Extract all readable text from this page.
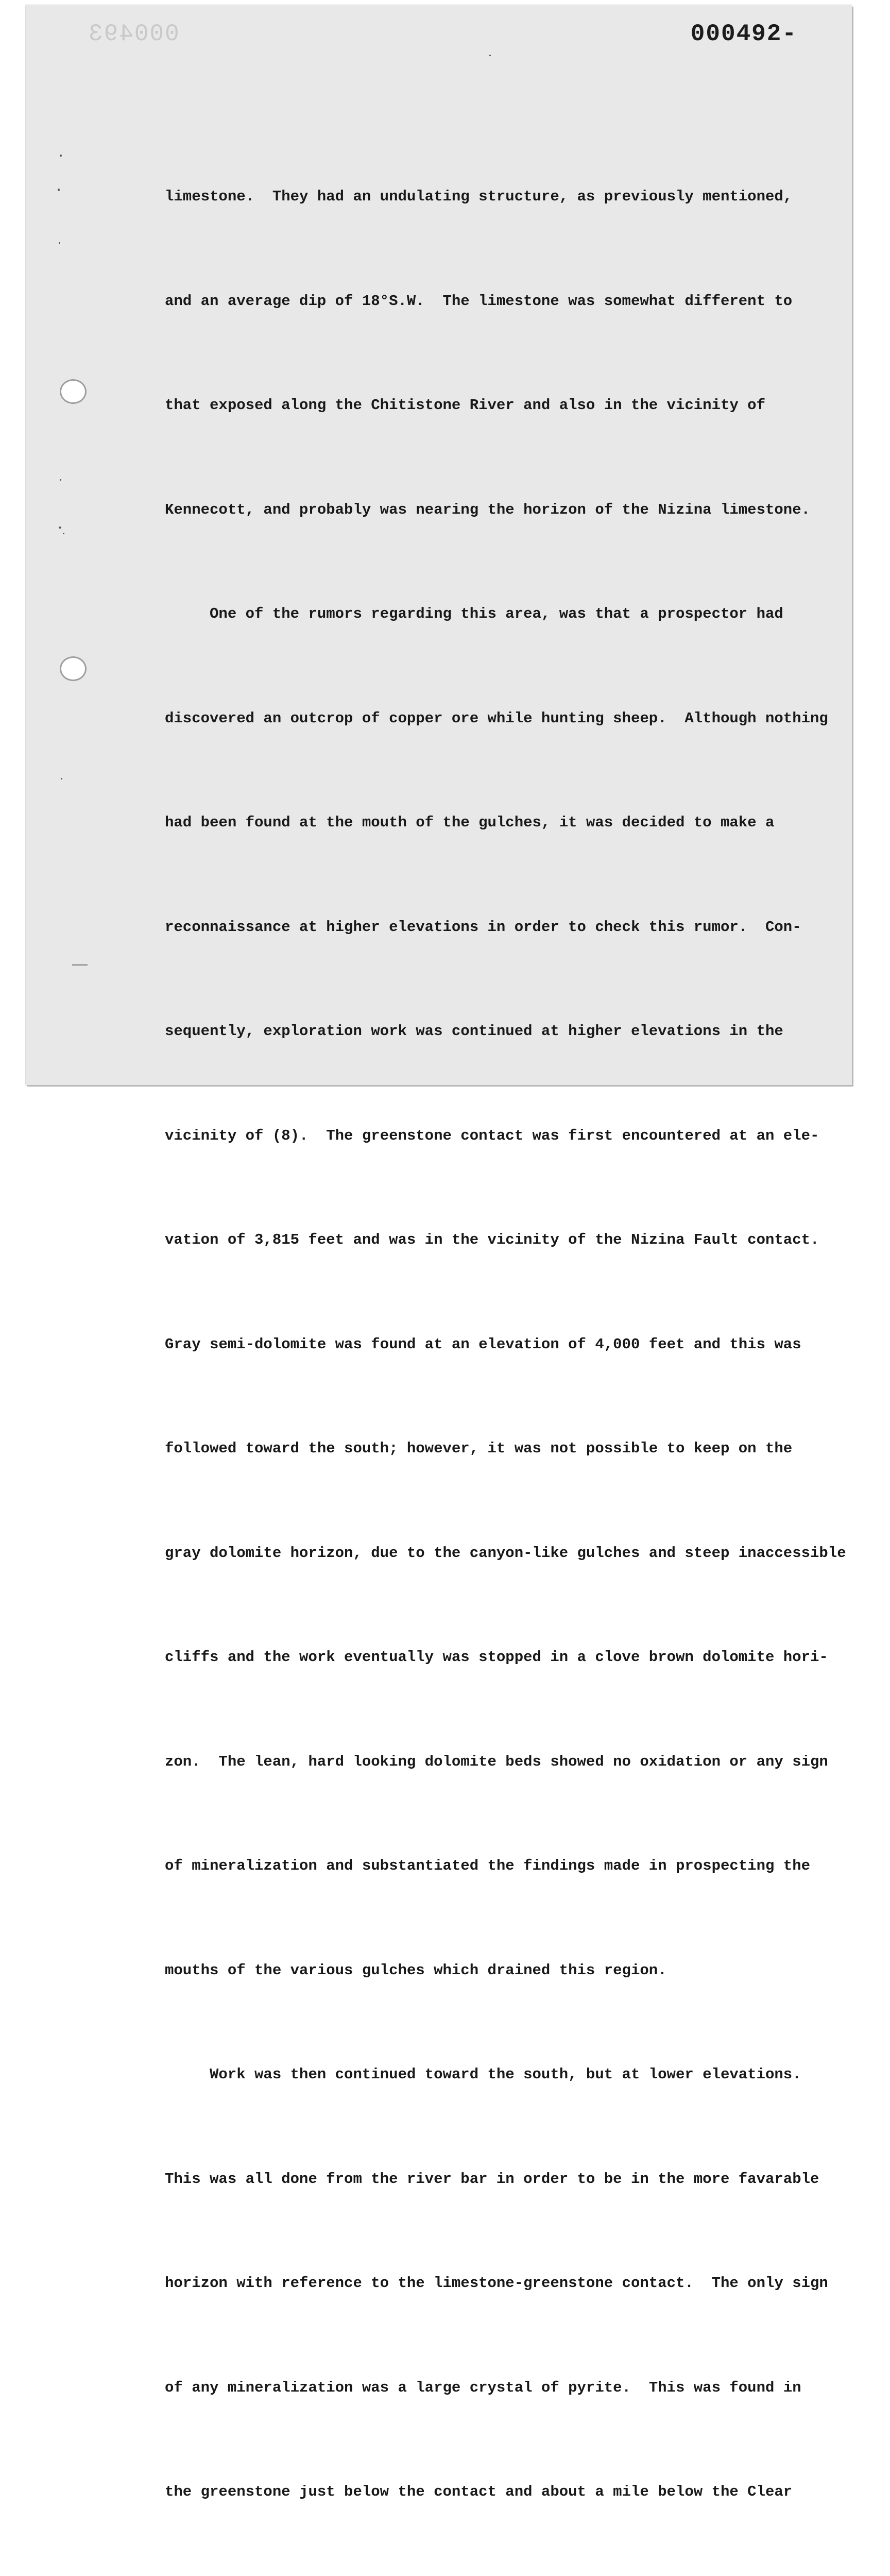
000493	000492-

limestone.  They had an undulating structure, as previously mentioned,

and an average dip of 18°S.W.  The limestone was somewhat different to

that exposed along the Chitistone River and also in the vicinity of

Kennecott, and probably was nearing the horizon of the Nizina limestone.

One of the rumors regarding this area, was that a prospector had

discovered an outcrop of copper ore while hunting sheep.  Although nothing

had been found at the mouth of the gulches, it was decided to make a

reconnaissance at higher elevations in order to check this rumor.  Con-

sequently, exploration work was continued at higher elevations in the

vicinity of (8).  The greenstone contact was first encountered at an ele-

vation of 3,815 feet and was in the vicinity of the Nizina Fault contact.

Gray semi-dolomite was found at an elevation of 4,000 feet and this was

followed toward the south; however, it was not possible to keep on the

gray dolomite horizon, due to the canyon-like gulches and steep inaccessible

cliffs and the work eventually was stopped in a clove brown dolomite hori-

zon.  The lean, hard looking dolomite beds showed no oxidation or any sign

of mineralization and substantiated the findings made in prospecting the

mouths of the various gulches which drained this region.

Work was then continued toward the south, but at lower elevations.

This was all done from the river bar in order to be in the more favarable

horizon with reference to the limestone-greenstone contact.  The only sign

of any mineralization was a large crystal of pyrite.  This was found in

the greenstone just below the contact and about a mile below the Clear
